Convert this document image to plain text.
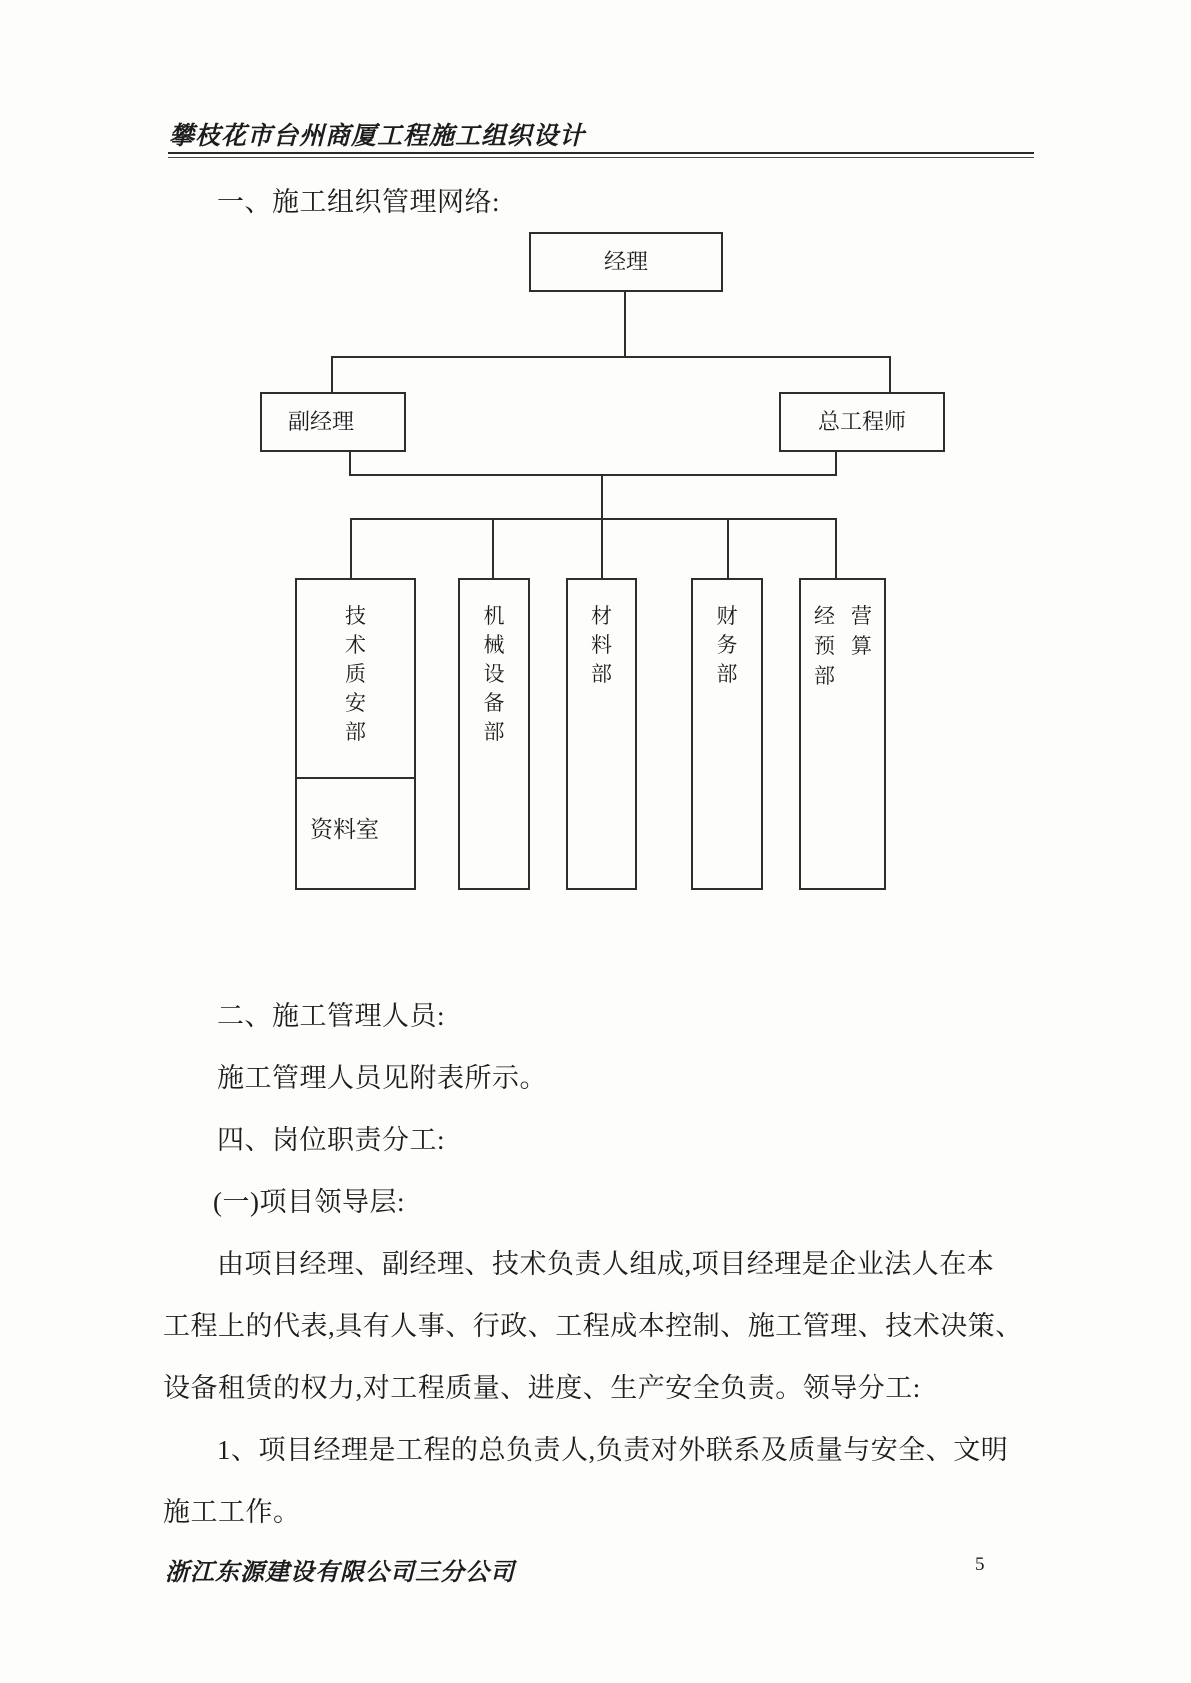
攀枝花市台州商厦工程施工组织设计
一、施工组织管理网络:
经理
副经理	总工程师
技
术
质
安
部
资料室
机
械
设
备
部
材
料
部
财
务
部
经 营
预 算
部
二、施工管理人员:
施工管理人员见附表所示。
四、岗位职责分工:
(一)项目领导层:
由项目经理、副经理、技术负责人组成,项目经理是企业法人在本
工程上的代表,具有人事、行政、工程成本控制、施工管理、技术决策、
设备租赁的权力,对工程质量、进度、生产安全负责。领导分工:
1、项目经理是工程的总负责人,负责对外联系及质量与安全、文明
施工工作。
浙江东源建设有限公司三分公司	5
